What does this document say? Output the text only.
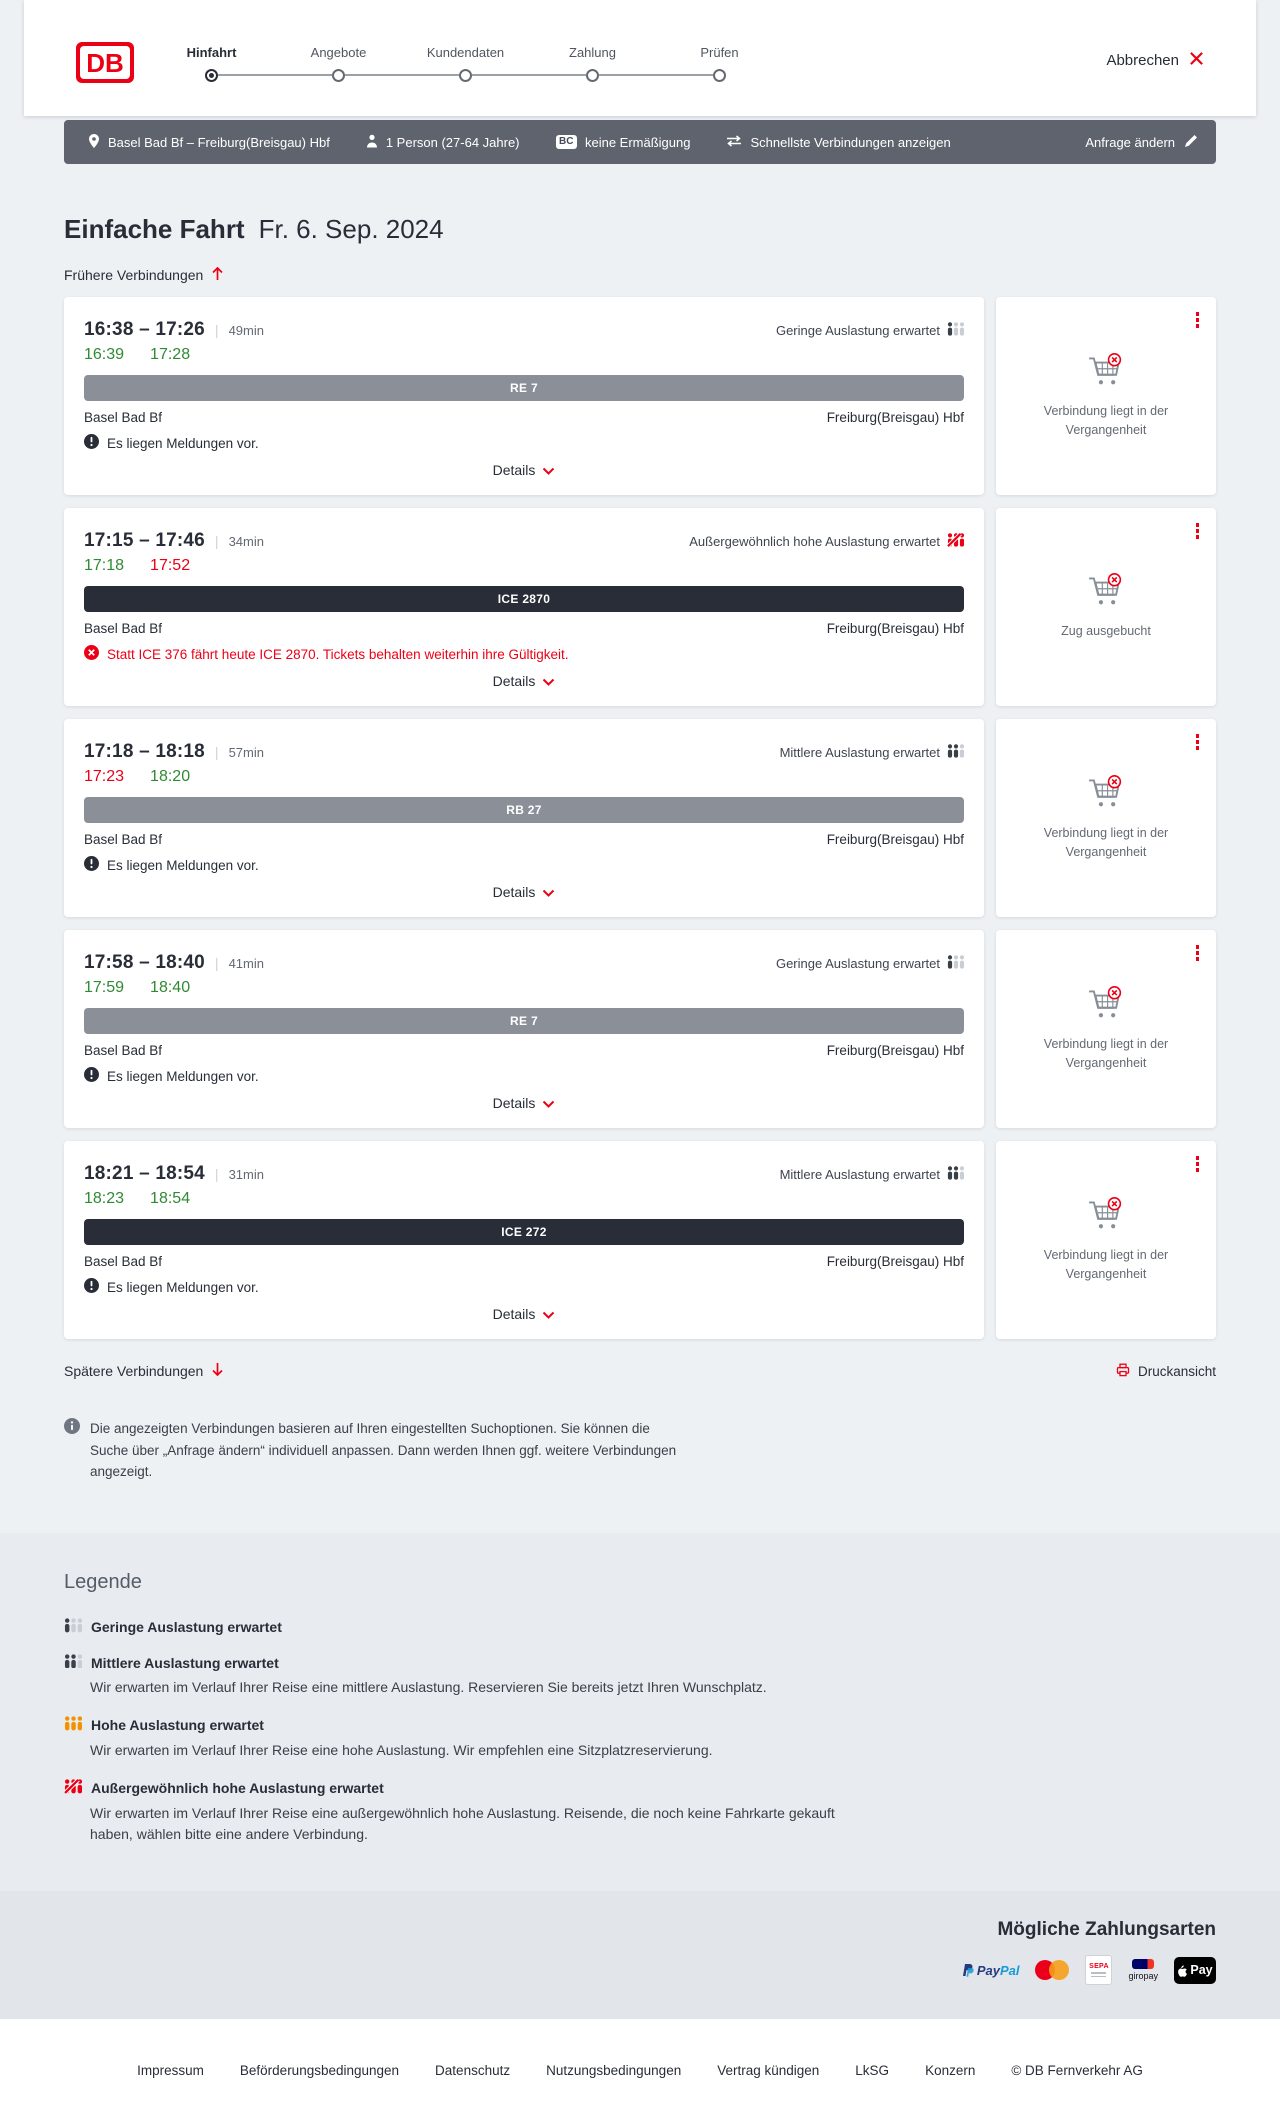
DB	Hinfahrt	Angebote	Kundendaten	Zahlung	Prüfen	Abbrechen
Basel Bad Bf – Freiburg(Breisgau) Hbf	1 Person (27-64 Jahre)	BC keine Ermäßigung	Schnellste Verbindungen anzeigen	Anfrage ändern
Einfache Fahrt Fr. 6. Sep. 2024
Frühere Verbindungen
16:38 – 17:26 | 49min	Geringe Auslastung erwartet
16:39 17:28
RE 7
Basel Bad Bf	Freiburg(Breisgau) Hbf
Es liegen Meldungen vor.
Details
Verbindung liegt in der Vergangenheit
17:15 – 17:46 | 34min	Außergewöhnlich hohe Auslastung erwartet
17:18 17:52
ICE 2870
Basel Bad Bf	Freiburg(Breisgau) Hbf
Statt ICE 376 fährt heute ICE 2870. Tickets behalten weiterhin ihre Gültigkeit.
Details
Zug ausgebucht
17:18 – 18:18 | 57min	Mittlere Auslastung erwartet
17:23 18:20
RB 27
Basel Bad Bf	Freiburg(Breisgau) Hbf
Es liegen Meldungen vor.
Details
Verbindung liegt in der Vergangenheit
17:58 – 18:40 | 41min	Geringe Auslastung erwartet
17:59 18:40
RE 7
Basel Bad Bf	Freiburg(Breisgau) Hbf
Es liegen Meldungen vor.
Details
Verbindung liegt in der Vergangenheit
18:21 – 18:54 | 31min	Mittlere Auslastung erwartet
18:23 18:54
ICE 272
Basel Bad Bf	Freiburg(Breisgau) Hbf
Es liegen Meldungen vor.
Details
Verbindung liegt in der Vergangenheit
Spätere Verbindungen	Druckansicht
Die angezeigten Verbindungen basieren auf Ihren eingestellten Suchoptionen. Sie können die Suche über „Anfrage ändern“ individuell anpassen. Dann werden Ihnen ggf. weitere Verbindungen angezeigt.
Legende
Geringe Auslastung erwartet
Mittlere Auslastung erwartet

Wir erwarten im Verlauf Ihrer Reise eine mittlere Auslastung. Reservieren Sie bereits jetzt Ihren Wunschplatz.

Hohe Auslastung erwartet

Wir erwarten im Verlauf Ihrer Reise eine hohe Auslastung. Wir empfehlen eine Sitzplatzreservierung.

Außergewöhnlich hohe Auslastung erwartet

Wir erwarten im Verlauf Ihrer Reise eine außergewöhnlich hohe Auslastung. Reisende, die noch keine Fahrkarte gekauft haben, wählen bitte eine andere Verbindung.

Mögliche Zahlungsarten
PayPal	SEPA
giropay	Pay
Impressum	Beförderungsbedingungen	Datenschutz	Nutzungsbedingungen	Vertrag kündigen	LkSG	Konzern	© DB Fernverkehr AG
